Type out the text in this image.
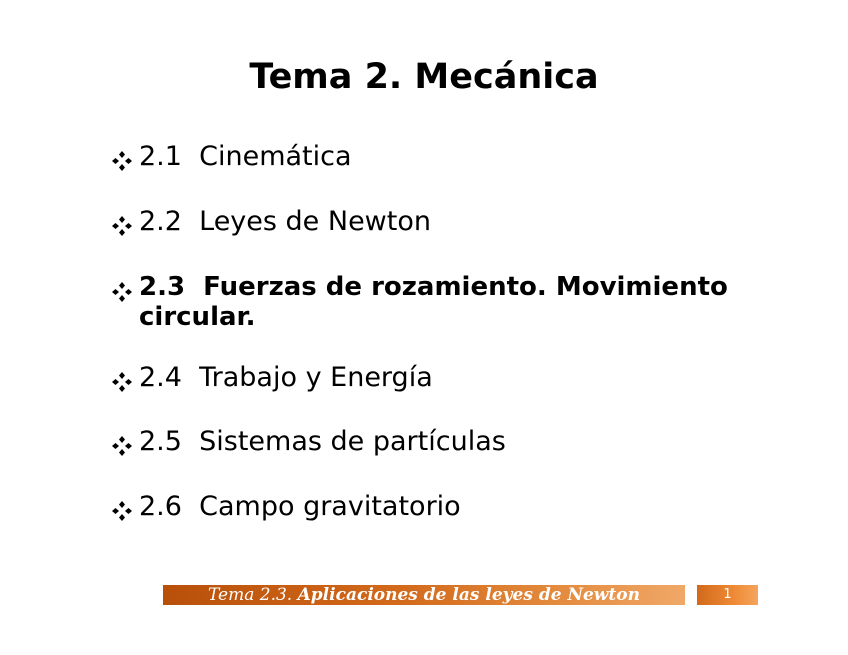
Tema 2. Mecánica
2.1 Cinemática
2.2 Leyes de Newton
2.3 Fuerzas de rozamiento. Movimiento
circular.
2.4 Trabajo y Energía
2.5 Sistemas de partículas
2.6 Campo gravitatorio
Tema 2.3. Aplicaciones de las leyes de Newton	1
